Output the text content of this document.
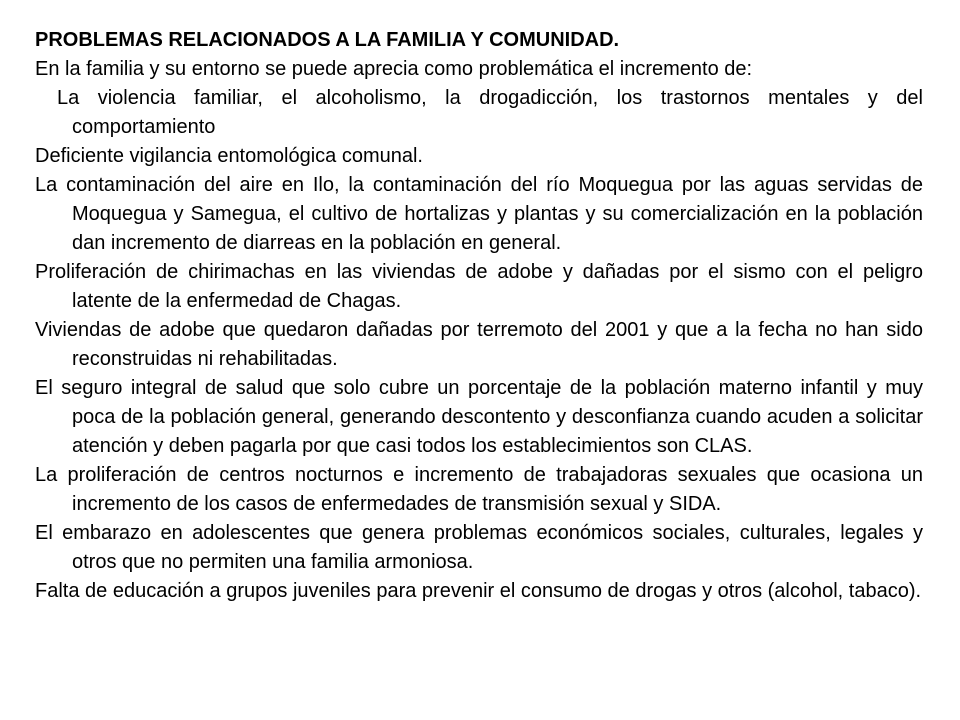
PROBLEMAS RELACIONADOS A LA FAMILIA Y COMUNIDAD.

En la familia y su entorno se puede aprecia como problemática el incremento de:

La violencia familiar, el alcoholismo, la drogadicción, los trastornos mentales y del comportamiento

Deficiente vigilancia entomológica comunal.

La contaminación del aire en Ilo, la contaminación del río Moquegua por las aguas servidas de Moquegua y Samegua, el cultivo de hortalizas y plantas y su comercialización en la población dan incremento de diarreas en la población en general.

Proliferación de chirimachas en las viviendas de adobe y dañadas por el sismo con el peligro latente de la enfermedad de Chagas.

Viviendas de adobe que quedaron dañadas por terremoto del 2001 y que a la fecha no han sido reconstruidas ni rehabilitadas.

El seguro integral de salud que solo cubre un porcentaje de la población materno infantil y muy poca de la población general, generando descontento y desconfianza cuando acuden a solicitar atención y deben pagarla por que casi todos los establecimientos son CLAS.

La proliferación de centros nocturnos e incremento de trabajadoras sexuales que ocasiona un incremento de los casos de enfermedades de transmisión sexual y SIDA.

El embarazo en adolescentes que genera problemas económicos sociales, culturales, legales y otros que no permiten una familia armoniosa.

Falta de educación a grupos juveniles para prevenir el consumo de drogas y otros (alcohol, tabaco).
